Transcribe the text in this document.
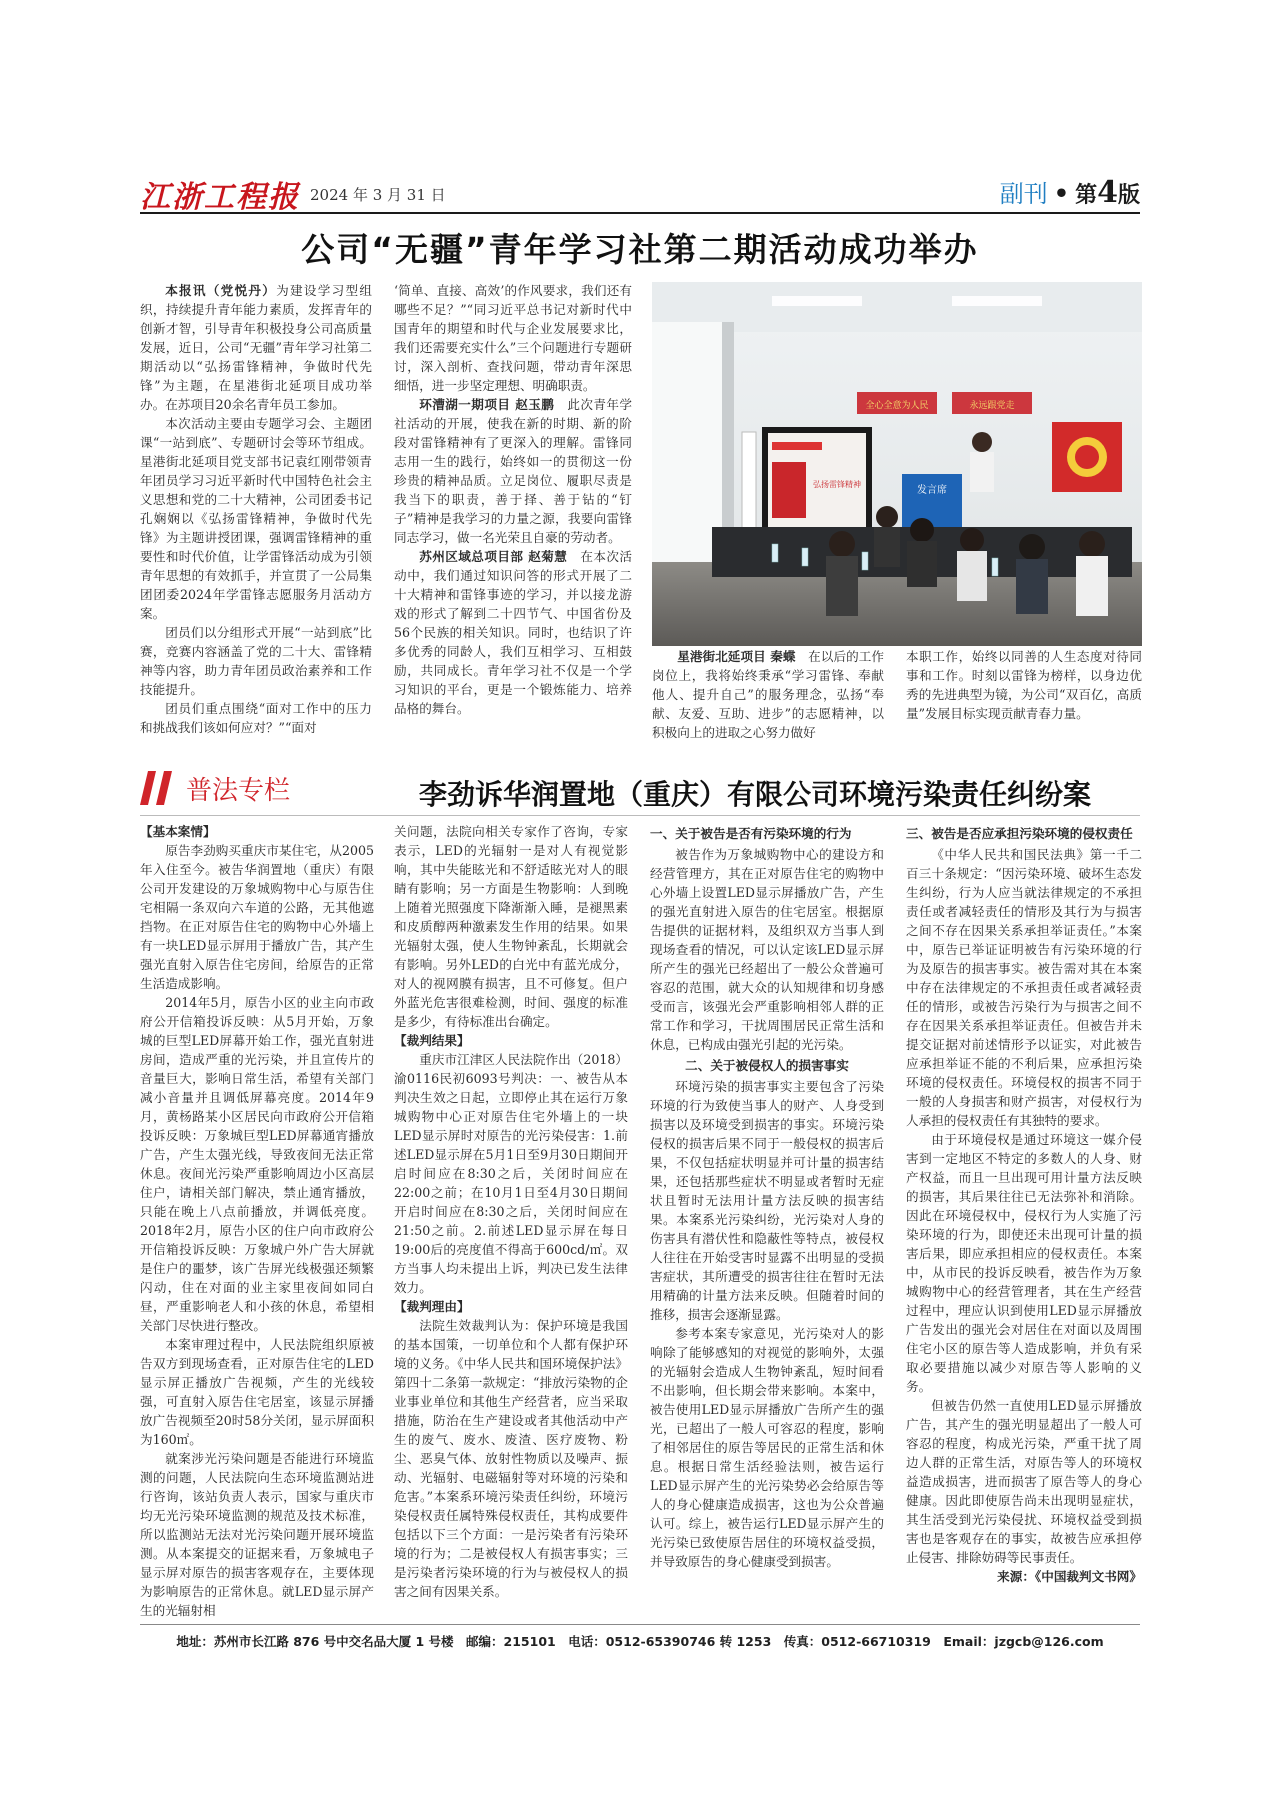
江浙工程报 2024 年 3 月 31 日	副刊 • 第4版
公司“无疆”青年学习社第二期活动成功举办

本报讯（党悦丹）为建设学习型组织，持续提升青年能力素质，发挥青年的创新才智，引导青年积极投身公司高质量发展，近日，公司“无疆”青年学习社第二期活动以“弘扬雷锋精神，争做时代先锋”为主题，在星港街北延项目成功举办。在苏项目20余名青年员工参加。

本次活动主要由专题学习会、主题团课“一站到底”、专题研讨会等环节组成。星港街北延项目党支部书记袁红刚带领青年团员学习习近平新时代中国特色社会主义思想和党的二十大精神，公司团委书记孔娴娴以《弘扬雷锋精神，争做时代先锋》为主题讲授团课，强调雷锋精神的重要性和时代价值，让学雷锋活动成为引领青年思想的有效抓手，并宣贯了一公局集团团委2024年学雷锋志愿服务月活动方案。

团员们以分组形式开展“一站到底”比赛，竞赛内容涵盖了党的二十大、雷锋精神等内容，助力青年团员政治素养和工作技能提升。

团员们重点围绕“面对工作中的压力和挑战我们该如何应对？”“面对

‘简单、直接、高效’的作风要求，我们还有哪些不足？”“同习近平总书记对新时代中国青年的期望和时代与企业发展要求比，我们还需要充实什么”三个问题进行专题研讨，深入剖析、查找问题，带动青年深思细悟，进一步坚定理想、明确职责。

环漕湖一期项目 赵玉鹏　 此次青年学社活动的开展，使我在新的时期、新的阶段对雷锋精神有了更深入的理解。雷锋同志用一生的践行，始终如一的贯彻这一份珍贵的精神品质。立足岗位、履职尽责是我当下的职责，善于择、善于钻的“钉子”精神是我学习的力量之源，我要向雷锋同志学习，做一名光荣且自豪的劳动者。

苏州区域总项目部 赵菊慧　 在本次活动中，我们通过知识问答的形式开展了二十大精神和雷锋事迹的学习，并以接龙游戏的形式了解到二十四节气、中国省份及56个民族的相关知识。同时，也结识了许多优秀的同龄人，我们互相学习、互相鼓励，共同成长。青年学习社不仅是一个学习知识的平台，更是一个锻炼能力、培养品格的舞台。

全心全意为人民	永远跟党走
弘扬雷锋精神
发言席

星港街北延项目 秦蝶　 在以后的工作岗位上，我将始终秉承“学习雷锋、奉献他人、提升自己”的服务理念，弘扬“奉献、友爱、互助、进步”的志愿精神，以积极向上的进取之心努力做好

本职工作，始终以同善的人生态度对待同事和工作。时刻以雷锋为榜样，以身边优秀的先进典型为镜，为公司“双百亿，高质量”发展目标实现贡献青春力量。

普法专栏	李劲诉华润置地（重庆）有限公司环境污染责任纠纷案

【基本案情】

原告李劲购买重庆市某住宅，从2005年入住至今。被告华润置地（重庆）有限公司开发建设的万象城购物中心与原告住宅相隔一条双向六车道的公路，无其他遮挡物。在正对原告住宅的购物中心外墙上有一块LED显示屏用于播放广告，其产生强光直射入原告住宅房间，给原告的正常生活造成影响。

2014年5月，原告小区的业主向市政府公开信箱投诉反映：从5月开始，万象城的巨型LED屏幕开始工作，强光直射进房间，造成严重的光污染，并且宣传片的音量巨大，影响日常生活，希望有关部门减小音量并且调低屏幕亮度。2014年9月，黄杨路某小区居民向市政府公开信箱投诉反映：万象城巨型LED屏幕通宵播放广告，产生太强光线，导致夜间无法正常休息。夜间光污染严重影响周边小区高层住户，请相关部门解决，禁止通宵播放，只能在晚上八点前播放，并调低亮度。2018年2月，原告小区的住户向市政府公开信箱投诉反映：万象城户外广告大屏就是住户的噩梦，该广告屏光线极强还频繁闪动，住在对面的业主家里夜间如同白昼，严重影响老人和小孩的休息，希望相关部门尽快进行整改。

本案审理过程中，人民法院组织原被告双方到现场查看，正对原告住宅的LED显示屏正播放广告视频，产生的光线较强，可直射入原告住宅居室，该显示屏播放广告视频至20时58分关闭，显示屏面积为160㎡。

就案涉光污染问题是否能进行环境监测的问题，人民法院向生态环境监测站进行咨询，该站负责人表示，国家与重庆市均无光污染环境监测的规范及技术标准，所以监测站无法对光污染问题开展环境监测。从本案提交的证据来看，万象城电子显示屏对原告的损害客观存在，主要体现为影响原告的正常休息。就LED显示屏产生的光辐射相

关问题，法院向相关专家作了咨询，专家表示，LED的光辐射一是对人有视觉影响，其中失能眩光和不舒适眩光对人的眼睛有影响；另一方面是生物影响：人到晚上随着光照强度下降渐渐入睡，是褪黑素和皮质醇两种激素发生作用的结果。如果光辐射太强，使人生物钟紊乱，长期就会有影响。另外LED的白光中有蓝光成分，对人的视网膜有损害，且不可修复。但户外蓝光危害很难检测，时间、强度的标准是多少，有待标准出台确定。

【裁判结果】

重庆市江津区人民法院作出（2018）渝0116民初6093号判决：一、被告从本判决生效之日起，立即停止其在运行万象城购物中心正对原告住宅外墙上的一块LED显示屏时对原告的光污染侵害：1.前述LED显示屏在5月1日至9月30日期间开启时间应在8:30之后，关闭时间应在22:00之前；在10月1日至4月30日期间开启时间应在8:30之后，关闭时间应在21:50之前。2.前述LED显示屏在每日19:00后的亮度值不得高于600cd/㎡。双方当事人均未提出上诉，判决已发生法律效力。

【裁判理由】

法院生效裁判认为：保护环境是我国的基本国策，一切单位和个人都有保护环境的义务。《中华人民共和国环境保护法》第四十二条第一款规定：“排放污染物的企业事业单位和其他生产经营者，应当采取措施，防治在生产建设或者其他活动中产生的废气、废水、废渣、医疗废物、粉尘、恶臭气体、放射性物质以及噪声、振动、光辐射、电磁辐射等对环境的污染和危害。”本案系环境污染责任纠纷，环境污染侵权责任属特殊侵权责任，其构成要件包括以下三个方面：一是污染者有污染环境的行为；二是被侵权人有损害事实；三是污染者污染环境的行为与被侵权人的损害之间有因果关系。

一、关于被告是否有污染环境的行为

被告作为万象城购物中心的建设方和经营管理方，其在正对原告住宅的购物中心外墙上设置LED显示屏播放广告，产生的强光直射进入原告的住宅居室。根据原告提供的证据材料，及组织双方当事人到现场查看的情况，可以认定该LED显示屏所产生的强光已经超出了一般公众普遍可容忍的范围，就大众的认知规律和切身感受而言，该强光会严重影响相邻人群的正常工作和学习，干扰周围居民正常生活和休息，已构成由强光引起的光污染。

二、关于被侵权人的损害事实

环境污染的损害事实主要包含了污染环境的行为致使当事人的财产、人身受到损害以及环境受到损害的事实。环境污染侵权的损害后果不同于一般侵权的损害后果，不仅包括症状明显并可计量的损害结果，还包括那些症状不明显或者暂时无症状且暂时无法用计量方法反映的损害结果。本案系光污染纠纷，光污染对人身的伤害具有潜伏性和隐蔽性等特点，被侵权人往往在开始受害时显露不出明显的受损害症状，其所遭受的损害往往在暂时无法用精确的计量方法来反映。但随着时间的推移，损害会逐渐显露。

参考本案专家意见，光污染对人的影响除了能够感知的对视觉的影响外，太强的光辐射会造成人生物钟紊乱，短时间看不出影响，但长期会带来影响。本案中，被告使用LED显示屏播放广告所产生的强光，已超出了一般人可容忍的程度，影响了相邻居住的原告等居民的正常生活和休息。根据日常生活经验法则，被告运行LED显示屏产生的光污染势必会给原告等人的身心健康造成损害，这也为公众普遍认可。综上，被告运行LED显示屏产生的光污染已致使原告居住的环境权益受损，并导致原告的身心健康受到损害。

三、被告是否应承担污染环境的侵权责任

《中华人民共和国民法典》第一千二百三十条规定：“因污染环境、破坏生态发生纠纷，行为人应当就法律规定的不承担责任或者减轻责任的情形及其行为与损害之间不存在因果关系承担举证责任。”本案中，原告已举证证明被告有污染环境的行为及原告的损害事实。被告需对其在本案中存在法律规定的不承担责任或者减轻责任的情形，或被告污染行为与损害之间不存在因果关系承担举证责任。但被告并未提交证据对前述情形予以证实，对此被告应承担举证不能的不利后果，应承担污染环境的侵权责任。环境侵权的损害不同于一般的人身损害和财产损害，对侵权行为人承担的侵权责任有其独特的要求。

由于环境侵权是通过环境这一媒介侵害到一定地区不特定的多数人的人身、财产权益，而且一旦出现可用计量方法反映的损害，其后果往往已无法弥补和消除。因此在环境侵权中，侵权行为人实施了污染环境的行为，即使还未出现可计量的损害后果，即应承担相应的侵权责任。本案中，从市民的投诉反映看，被告作为万象城购物中心的经营管理者，其在生产经营过程中，理应认识到使用LED显示屏播放广告发出的强光会对居住在对面以及周围住宅小区的原告等人造成影响，并负有采取必要措施以减少对原告等人影响的义务。

但被告仍然一直使用LED显示屏播放广告，其产生的强光明显超出了一般人可容忍的程度，构成光污染，严重干扰了周边人群的正常生活，对原告等人的环境权益造成损害，进而损害了原告等人的身心健康。因此即使原告尚未出现明显症状，其生活受到光污染侵扰、环境权益受到损害也是客观存在的事实，故被告应承担停止侵害、排除妨碍等民事责任。

来源：《中国裁判文书网》

地址：苏州市长江路 876 号中交名品大厦 1 号楼　邮编：215101　电话：0512-65390746 转 1253　传真：0512-66710319　Email：jzgcb@126.com
